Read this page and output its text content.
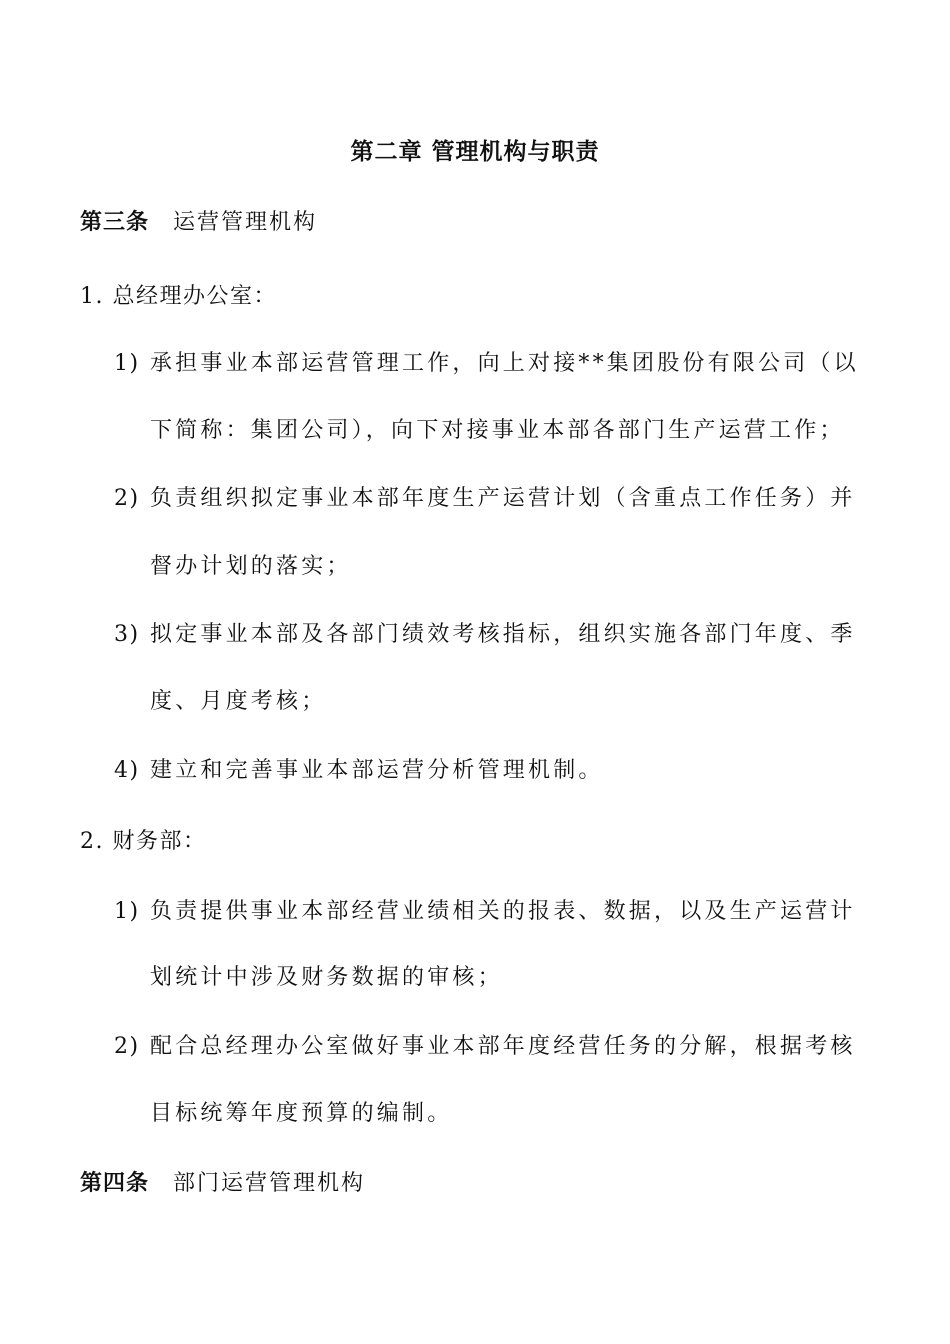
第二章 管理机构与职责
第三条 运营管理机构
1. 总经理办公室：
1) 承担事业本部运营管理工作，向上对接**集团股份有限公司（以
下简称：集团公司），向下对接事业本部各部门生产运营工作；
2) 负责组织拟定事业本部年度生产运营计划（含重点工作任务）并
督办计划的落实；
3) 拟定事业本部及各部门绩效考核指标，组织实施各部门年度、季
度、月度考核；
4) 建立和完善事业本部运营分析管理机制。
2. 财务部：
1) 负责提供事业本部经营业绩相关的报表、数据，以及生产运营计
划统计中涉及财务数据的审核；
2) 配合总经理办公室做好事业本部年度经营任务的分解，根据考核
目标统筹年度预算的编制。
第四条 部门运营管理机构
